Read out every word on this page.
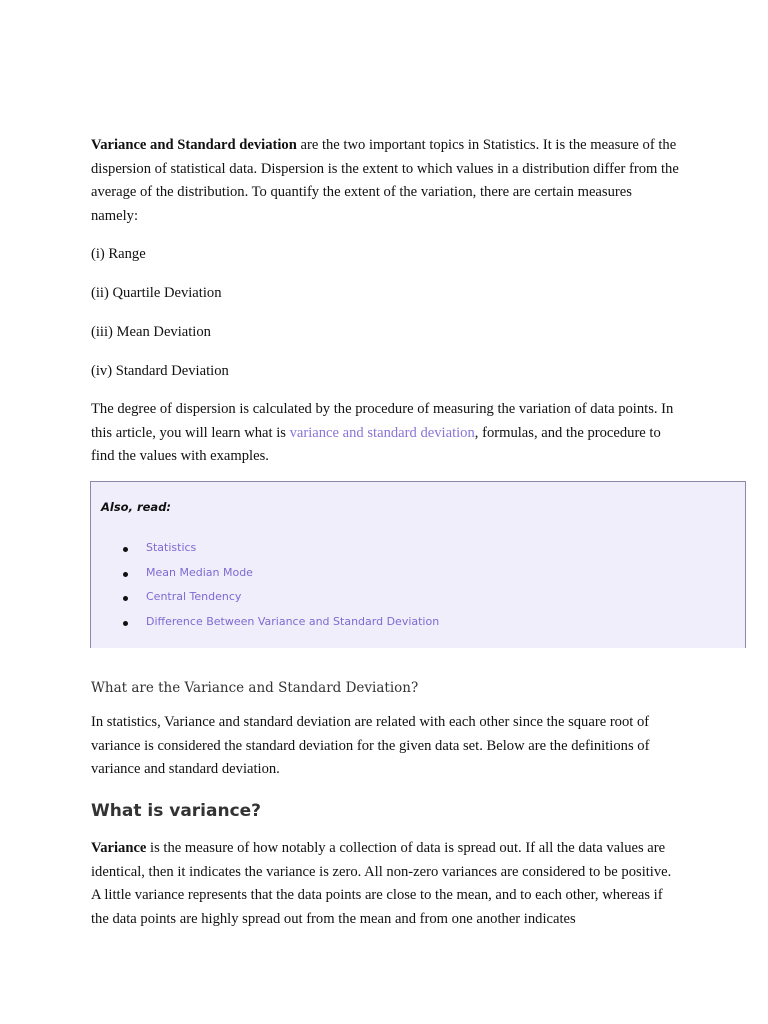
Variance and Standard deviation are the two important topics in Statistics. It is the measure of the dispersion of statistical data. Dispersion is the extent to which values in a distribution differ from the average of the distribution. To quantify the extent of the variation, there are certain measures namely:

(i) Range

(ii) Quartile Deviation

(iii) Mean Deviation

(iv) Standard Deviation

The degree of dispersion is calculated by the procedure of measuring the variation of data points. In this article, you will learn what is variance and standard deviation, formulas, and the procedure to find the values with examples.

Also, read:

Statistics
Mean Median Mode
Central Tendency
Difference Between Variance and Standard Deviation
What are the Variance and Standard Deviation?

In statistics, Variance and standard deviation are related with each other since the square root of variance is considered the standard deviation for the given data set. Below are the definitions of variance and standard deviation.

What is variance?

Variance is the measure of how notably a collection of data is spread out. If all the data values are identical, then it indicates the variance is zero. All non-zero variances are considered to be positive. A little variance represents that the data points are close to the mean, and to each other, whereas if the data points are highly spread out from the mean and from one another indicates
